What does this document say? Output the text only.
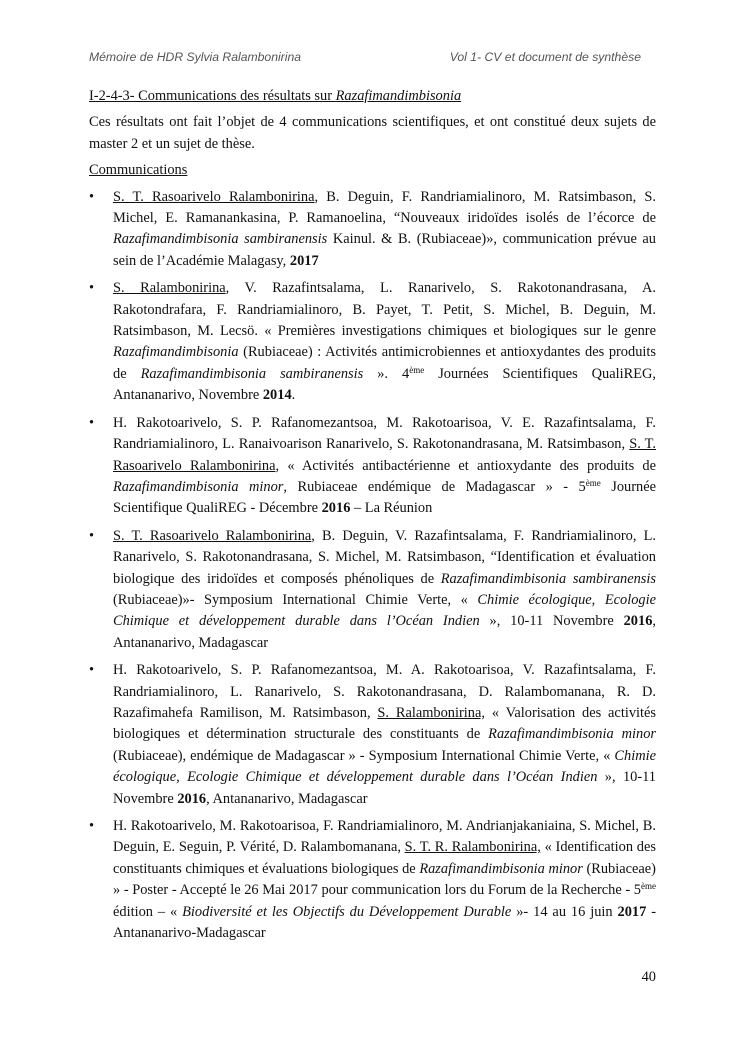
Mémoire de HDR Sylvia Ralambonirina	Vol 1- CV et document de synthèse

I-2-4-3- Communications des résultats sur Razafimandimbisonia

Ces résultats ont fait l’objet de 4 communications scientifiques, et ont constitué deux sujets de master 2 et un sujet de thèse.

Communications

• S. T. Rasoarivelo Ralambonirina, B. Deguin, F. Randriamialinoro, M. Ratsimbason, S. Michel, E. Ramanankasina, P. Ramanoelina, “Nouveaux iridoïdes isolés de l’écorce de Razafimandimbisonia sambiranensis Kainul. & B. (Rubiaceae)», communication prévue au sein de l’Académie Malagasy, 2017
• S. Ralambonirina, V. Razafintsalama, L. Ranarivelo, S. Rakotonandrasana, A. Rakotondrafara, F. Randriamialinoro, B. Payet, T. Petit, S. Michel, B. Deguin, M. Ratsimbason, M. Lecsö. « Premières investigations chimiques et biologiques sur le genre Razafimandimbisonia (Rubiaceae) : Activités antimicrobiennes et antioxydantes des produits de Razafimandimbisonia sambiranensis ». 4ème Journées Scientifiques QualiREG, Antananarivo, Novembre 2014.
• H. Rakotoarivelo, S. P. Rafanomezantsoa, M. Rakotoarisoa, V. E. Razafintsalama, F. Randriamialinoro, L. Ranaivoarison Ranarivelo, S. Rakotonandrasana, M. Ratsimbason, S. T. Rasoarivelo Ralambonirina, « Activités antibactérienne et antioxydante des produits de Razafimandimbisonia minor, Rubiaceae endémique de Madagascar » - 5ème Journée Scientifique QualiREG - Décembre 2016 – La Réunion
• S. T. Rasoarivelo Ralambonirina, B. Deguin, V. Razafintsalama, F. Randriamialinoro, L. Ranarivelo, S. Rakotonandrasana, S. Michel, M. Ratsimbason, “Identification et évaluation biologique des iridoïdes et composés phénoliques de Razafimandimbisonia sambiranensis (Rubiaceae)»- Symposium International Chimie Verte, « Chimie écologique, Ecologie Chimique et développement durable dans l’Océan Indien », 10-11 Novembre 2016, Antananarivo, Madagascar
• H. Rakotoarivelo, S. P. Rafanomezantsoa, M. A. Rakotoarisoa, V. Razafintsalama, F. Randriamialinoro, L. Ranarivelo, S. Rakotonandrasana, D. Ralambomanana, R. D. Razafimahefa Ramilison, M. Ratsimbason, S. Ralambonirina, « Valorisation des activités biologiques et détermination structurale des constituants de Razafimandimbisonia minor (Rubiaceae), endémique de Madagascar » - Symposium International Chimie Verte, « Chimie écologique, Ecologie Chimique et développement durable dans l’Océan Indien », 10-11 Novembre 2016, Antananarivo, Madagascar
• H. Rakotoarivelo, M. Rakotoarisoa, F. Randriamialinoro, M. Andrianjakaniaina, S. Michel, B. Deguin, E. Seguin, P. Vérité, D. Ralambomanana, S. T. R. Ralambonirina, « Identification des constituants chimiques et évaluations biologiques de Razafimandimbisonia minor (Rubiaceae) » - Poster - Accepté le 26 Mai 2017 pour communication lors du Forum de la Recherche - 5ème édition – « Biodiversité et les Objectifs du Développement Durable »- 14 au 16 juin 2017 -Antananarivo-Madagascar
40
